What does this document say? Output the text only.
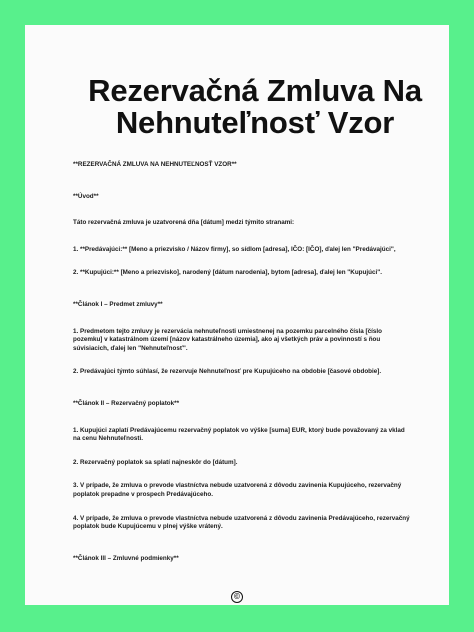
Rezervačná Zmluva Na
Nehnuteľnosť Vzor

**REZERVAČNÁ ZMLUVA NA NEHNUTEĽNOSŤ VZOR**

**Úvod**

Táto rezervačná zmluva je uzatvorená dňa [dátum] medzi týmito stranami:

1. **Predávajúci:** [Meno a priezvisko / Názov firmy], so sídlom [adresa], IČO: [IČO], ďalej len "Predávajúci",

2. **Kupujúci:** [Meno a priezvisko], narodený [dátum narodenia], bytom [adresa], ďalej len "Kupujúci".

**Článok I – Predmet zmluvy**

1. Predmetom tejto zmluvy je rezervácia nehnuteľnosti umiestnenej na pozemku parcelného čísla [číslo pozemku] v katastrálnom území [názov katastrálneho územia], ako aj všetkých práv a povinností s ňou súvisiacich, ďalej len "Nehnuteľnosť".

2. Predávajúci týmto súhlasí, že rezervuje Nehnuteľnosť pre Kupujúceho na obdobie [časové obdobie].

**Článok II – Rezervačný poplatok**

1. Kupujúci zaplatí Predávajúcemu rezervačný poplatok vo výške [suma] EUR, ktorý bude považovaný za vklad na cenu Nehnuteľnosti.

2. Rezervačný poplatok sa splatí najneskôr do [dátum].

3. V prípade, že zmluva o prevode vlastníctva nebude uzatvorená z dôvodu zavinenia Kupujúceho, rezervačný poplatok prepadne v prospech Predávajúceho.

4. V prípade, že zmluva o prevode vlastníctva nebude uzatvorená z dôvodu zavinenia Predávajúceho, rezervačný poplatok bude Kupujúcemu v plnej výške vrátený.

**Článok III – Zmluvné podmienky**

©
